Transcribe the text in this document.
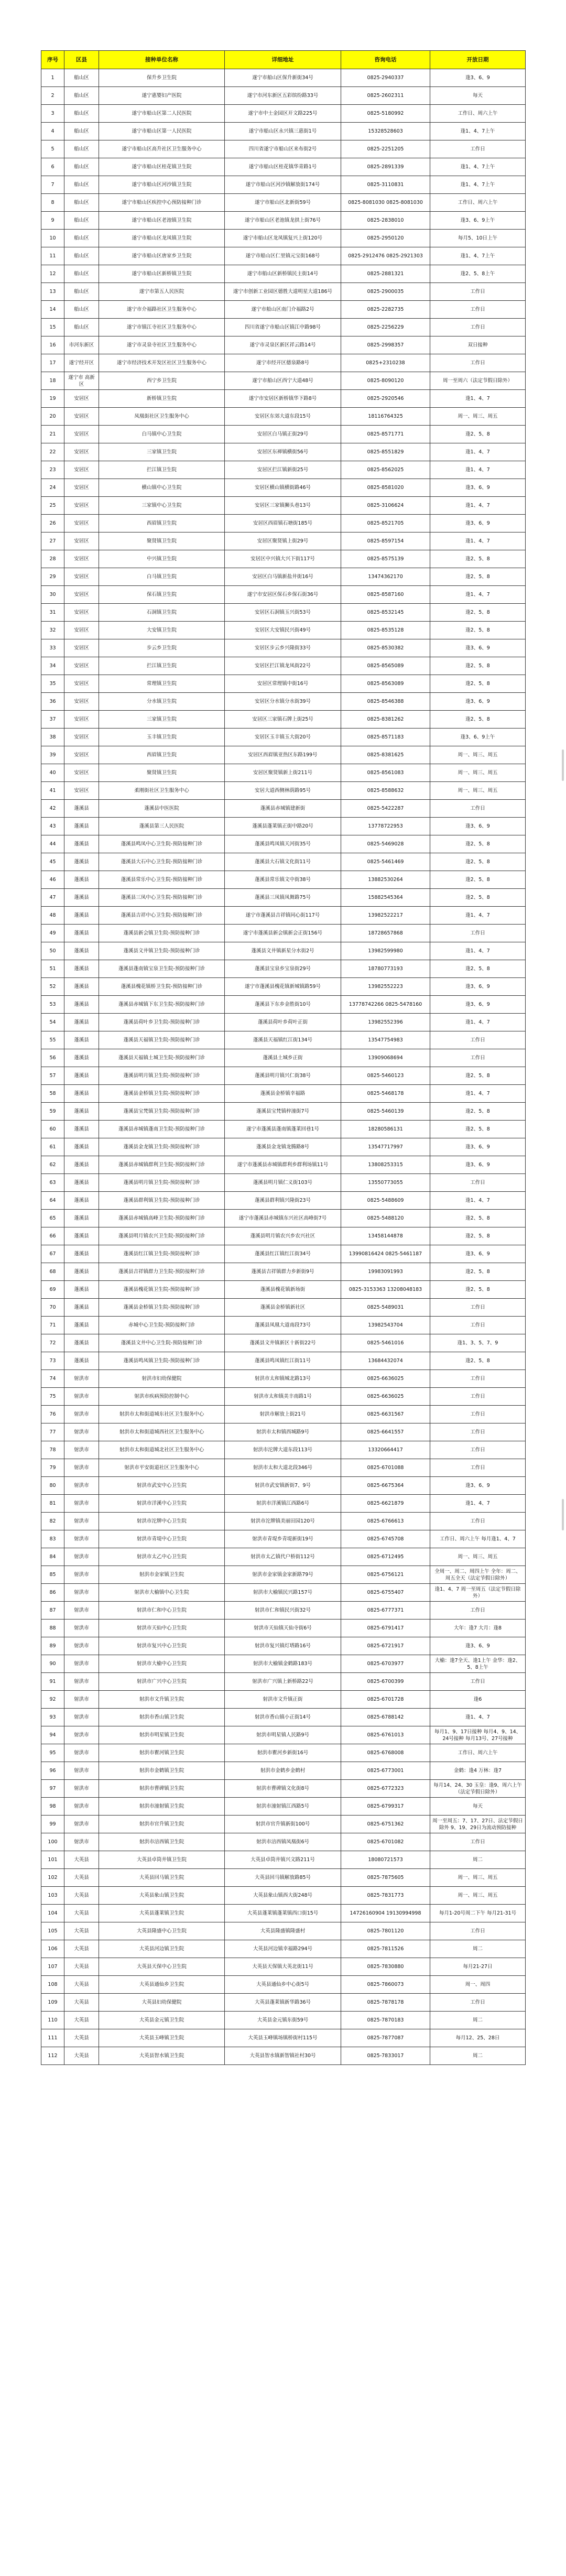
序号	区县	接种单位名称	详细地址	咨询电话	开放日期
1	船山区	保升乡卫生院	遂宁市船山区保升新街34号	0825-2940337	逢3、6、9
2	船山区	遂宁惠婴妇产医院	遂宁市河东新区五彩缤纷路33号	0825-2602311	每天
3	船山区	遂宁市船山区第二人民医院	遂宁市中士金园区开文路225号	0825-5180992	工作日、周六上午
4	船山区	遂宁市船山区第一人民医院	遂宁市船山区永兴镇三惠街1号	15328528603	逢1、4、7上午
5	船山区	遂宁市船山区高升社区卫生服务中心	四川省遂宁市船山区来布街2号	0825-2251205	工作日
6	船山区	遂宁市船山区桂花镇卫生院	遂宁市船山区桂花镇华青路1号	0825-2891339	逢1、4、7上午
7	船山区	遂宁市船山区河沙镇卫生院	遂宁市船山区河沙镇解放街174号	0825-3110831	逢1、4、7上午
8	船山区	遂宁市船山区疾控中心预防接种门诊	遂宁市船山区北新街59号	0825-8081030 0825-8081030	工作日、周六上午
9	船山区	遂宁市船山区老池镇卫生院	遂宁市船山区老池镇龙拱上街76号	0825-2838010	逢3、6、9上午
10	船山区	遂宁市船山区龙凤镇卫生院	遂宁市船山区龙凤镇复兴上街120号	0825-2950120	每月5、10日上午
11	船山区	遂宁市船山区唐家乡卫生院	遂宁市船山区仁里镇元宝街168号	0825-2912476 0825-2921303	逢1、4、7上午
12	船山区	遂宁市船山区新桥镇卫生院	遂宁市船山区新桥镇民主街14号	0825-2881321	逢2、5、8上午
13	船山区	遂宁市第五人民医院	遂宁市创新工业园区德胜大道明星大道186号	0825-2900035	工作日
14	船山区	遂宁市介福路社区卫生服务中心	遂宁市船山区南门介福路2号	0825-2282735	工作日
15	船山区	遂宁市镇江寺社区卫生服务中心	四川省遂宁市船山区镇江中路98号	0825-2256229	工作日
16	市河东新区	遂宁市灵泉寺社区卫生服务中心	遂宁市灵泉区新区祥云路14号	0825-2998357	双日接种
17	遂宁经开区	遂宁市经济技术开发区社区卫生服务中心	遂宁市经开区德泉路8号	0825+2310238	工作日
18	遂宁市 高新区	西宁乡卫生院	遂宁市船山区西宁大道48号	0825-8090120	周一至周六（法定节假日除外）
19	安居区	新桥镇卫生院	遂宁市安居区新桥镇华下路8号	0825-2920546	逢1、4、7
20	安居区	凤凰街社区卫生服务中心	安居区东郊大道东段15号	18116764325	周一、周三、周五
21	安居区	白马镇中心卫生院	安居区白马镇正街29号	0825-8571771	逢2、5、8
22	安居区	三家镇卫生院	安居区东禅镇横街56号	0825-8551829	逢1、4、7
23	安居区	拦江镇卫生院	安居区拦江镇新街25号	0825-8562025	逢1、4、7
24	安居区	横山镇中心卫生院	安居区横山镇横街路46号	0825-8581020	逢3、6、9
25	安居区	三家镇中心卫生院	安居区三家镇狮头巷13号	0825-3106624	逢1、4、7
26	安居区	西眉镇卫生院	安居区西眉镇石塘街185号	0825-8521705	逢3、6、9
27	安居区	聚贤镇卫生院	安居区聚贤镇上街29号	0825-8597154	逢1、4、7
28	安居区	中兴镇卫生院	安居区中兴镇大兴下街117号	0825-8575139	逢2、5、8
29	安居区	白马镇卫生院	安居区白马镇新盐井街16号	13474362170	逢2、5、8
30	安居区	保石镇卫生院	遂宁市安居区保石乡保石街36号	0825-8587160	逢1、4、7
31	安居区	石洞镇卫生院	安居区石洞镇玉兴街53号	0825-8532145	逢2、5、8
32	安居区	大安镇卫生院	安居区大安镇民兴街49号	0825-8535128	逢2、5、8
33	安居区	步云乡卫生院	安居区步云乡兴隆街33号	0825-8530382	逢3、6、9
34	安居区	拦江镇卫生院	安居区拦江镇龙凤街22号	0825-8565089	逢2、5、8
35	安居区	常理镇卫生院	安居区常理镇中街16号	0825-8563089	逢2、5、8
36	安居区	分水镇卫生院	安居区分水镇分水街39号	0825-8546388	逢3、6、9
37	安居区	三家镇卫生院	安居区三家镇石牌上街25号	0825-8381262	逢2、5、8
38	安居区	玉丰镇卫生院	安居区玉丰镇玉大街20号	0825-8571183	逢3、6、9上午
39	安居区	西眉镇卫生院	安居区西眉镇亚热区东路199号	0825-8381625	周一、周三、周五
40	安居区	聚贤镇卫生院	安居区聚贤镇新上街211号	0825-8561083	周一、周三、周五
41	安居区	柔刚街社区卫生服务中心	安居大道西侧林荫路95号	0825-8588632	周一、周三、周五
42	蓬溪县	蓬溪县中医医院	蓬溪县赤城镇建新街	0825-5422287	工作日
43	蓬溪县	蓬溪县第三人民医院	蓬溪县蓬莱镇正街中路20号	13778722953	逢3、6、9
44	蓬溪县	蓬溪县鸣凤中心卫生院-预防接种门诊	蓬溪县鸣凤镇天河街35号	0825-5469028	逢2、5、8
45	蓬溪县	蓬溪县大石中心卫生院-预防接种门诊	蓬溪县大石镇文化街11号	0825-5461469	逢2、5、8
46	蓬溪县	蓬溪县常乐中心卫生院-预防接种门诊	蓬溪县常乐镇文中街38号	13882530264	逢2、5、8
47	蓬溪县	蓬溪县三凤中心卫生院-预防接种门诊	蓬溪县三凤镇凤舞路75号	15882545364	逢2、5、8
48	蓬溪县	蓬溪县吉祥中心卫生院-预防接种门诊	遂宁市蓬溪县吉祥镇同心街117号	13982522217	逢1、4、7
49	蓬溪县	蓬溪县新会镇卫生院-预防接种门诊	遂宁市蓬溪县新会镇新会正街156号	18728657868	工作日
50	蓬溪县	蓬溪县文井镇卫生院-预防接种门诊	蓬溪县文井镇新星分水街2号	13982599980	逢1、4、7
51	蓬溪县	蓬溪县蓬南镇宝泉卫生院-预防接种门诊	蓬溪县宝泉乡宝泉街29号	18780773193	逢2、5、8
52	蓬溪县	蓬溪县槐花镇桥卫生院-预防接种门诊	遂宁市蓬溪县槐花镇新城镇路59号	13982552223	逢3、6、9
53	蓬溪县	蓬溪县赤城镇下东卫生院-预防接种门诊	蓬溪县下东乡金胜街10号	13778742266 0825-5478160	逢3、6、9
54	蓬溪县	蓬溪县荷叶乡卫生院-预防接种门诊	蓬溪县荷叶乡荷叶正街	13982552396	逢1、4、7
55	蓬溪县	蓬溪县天福镇卫生院-预防接种门诊	蓬溪县天福镇红江街134号	13547754983	工作日
56	蓬溪县	蓬溪县天福镇土城卫生院-预防接种门诊	蓬溪县土城乡正街	13909068694	工作日
57	蓬溪县	蓬溪县明月镇卫生院-预防接种门诊	蓬溪县明月镇兴仁街38号	0825-5460123	逢2、5、8
58	蓬溪县	蓬溪县金桥镇卫生院-预防接种门诊	蓬溪县金桥镇幸福路	0825-5468178	逢1、4、7
59	蓬溪县	蓬溪县宝梵镇卫生院-预防接种门诊	蓬溪县宝梵镇梓潼街7号	0825-5460139	逢2、5、8
60	蓬溪县	蓬溪县赤城镇蓬南卫生院-预防接种门诊	遂宁市蓬溪县蓬南镇蓬莱回巷1号	18280586131	逢2、5、8
61	蓬溪县	蓬溪县金龙镇卫生院-预防接种门诊	蓬溪县金龙镇龙腾路8号	13547717997	逢3、6、9
62	蓬溪县	蓬溪县赤城镇群利卫生院-预防接种门诊	遂宁市蓬溪县赤城镇群利乡群利场镇11号	13808253315	逢3、6、9
63	蓬溪县	蓬溪县明月镇卫生院-预防接种门诊	蓬溪县明月镇仁义街103号	13550773055	工作日
64	蓬溪县	蓬溪县群利镇卫生院-预防接种门诊	蓬溪县群利镇兴隆街23号	0825-5488609	逢1、4、7
65	蓬溪县	蓬溪县赤城镇高峰卫生院-预防接种门诊	遂宁市蓬溪县赤城镇东兴社区高峰街7号	0825-5488120	逢2、5、8
66	蓬溪县	蓬溪县明月镇农兴卫生院-预防接种门诊	蓬溪县明月镇农兴乡农兴社区	13458144878	逢2、5、8
67	蓬溪县	蓬溪县红江镇卫生院-预防接种门诊	蓬溪县红江镇红江街34号	13990816424 0825-5461187	逢3、6、9
68	蓬溪县	蓬溪县吉祥镇群力卫生院-预防接种门诊	蓬溪县吉祥镇群力乡新街9号	19983091993	逢2、5、8
69	蓬溪县	蓬溪县槐花镇卫生院-预防接种门诊	蓬溪县槐花镇新场街	0825-3153363 13208048183	逢2、5、8
70	蓬溪县	蓬溪县金桥镇卫生院-预防接种门诊	蓬溪县金桥镇新社区	0825-5489031	工作日
71	蓬溪县	赤城中心卫生院-预防接种门诊	蓬溪县凤凰大道南段73号	13982543704	工作日
72	蓬溪县	蓬溪县文井中心卫生院-预防接种门诊	蓬溪县文井镇新区十新街22号	0825-5461016	逢1、3、5、7、9
73	蓬溪县	蓬溪县鸣凤镇卫生院-预防接种门诊	蓬溪县鸣凤镇红江街11号	13684432074	逢2、5、8
74	射洪市	射洪市妇幼保健院	射洪市太和镇城北路13号	0825-6636025	工作日
75	射洪市	射洪市疾病预防控制中心	射洪市太和镇美丰南路1号	0825-6636025	工作日
76	射洪市	射洪市太和街道城东社区卫生服务中心	射洪市解放上街21号	0825-6631567	工作日
77	射洪市	射洪市太和街道城西社区卫生服务中心	射洪市太和镇西城路9号	0825-6641557	工作日
78	射洪市	射洪市太和街道城北社区卫生服务中心	射洪市沱牌大道东段113号	13320664417	工作日
79	射洪市	射洪市平安街道社区卫生服务中心	射洪市太和大道北段346号	0825-6701088	工作日
80	射洪市	射洪市武安中心卫生院	射洪市武安镇新街7、9号	0825-6675364	逢3、6、9
81	射洪市	射洪市洋溪中心卫生院	射洪市洋溪镇江西路6号	0825-6621879	逢1、4、7
82	射洪市	射洪市沱牌中心卫生院	射洪市沱牌镇美丽田园120号	0825-6766613	工作日
83	射洪市	射洪市青堤中心卫生院	射洪市青堤乡青堤新街19号	0825-6745708	工作日、周六上午 每月逢1、4、7
84	射洪市	射洪市太乙中心卫生院	射洪市太乙镇代户桥街112号	0825-6712495	周一、周三、周五
85	射洪市	射洪市金家镇卫生院	射洪市金家镇金家新路79号	0825-6756121	全周一、周二、周四上午 全年：周二、周五全天（法定节假日除外）
86	射洪市	射洪市大榆镇中心卫生院	射洪市大榆镇民兴路157号	0825-6755407	逢1、4、7 周一至周五（法定节假日除外）
87	射洪市	射洪市仁和中心卫生院	射洪市仁和镇民兴街32号	0825-6777371	工作日
88	射洪市	射洪市天仙中心卫生院	射洪市天仙镇天仙寺街6号	0825-6791417	大年：逢7 大月：逢8
89	射洪市	射洪市复兴中心卫生院	射洪市复兴镇灯塔路16号	0825-6721917	逢3、6、9
90	射洪市	射洪市大榆中心卫生院	射洪市大榆镇金鹤路183号	0825-6703977	大榆：逢7全天、逢1上午 金华：逢2、5、8上午
91	射洪市	射洪市广兴中心卫生院	射洪市广兴镇上新桥路22号	0825-6700399	工作日
92	射洪市	射洪市文升镇卫生院	射洪市文升镇正街	0825-6701728	逢6
93	射洪市	射洪市香山镇卫生院	射洪市香山镇小正街14号	0825-6788142	逢1、4、7
94	射洪市	射洪市明星镇卫生院	射洪市明星镇人民路9号	0825-6761013	每月1、9、17日接种 每月4、9、14、24号接种 每月13号、27号接种
95	射洪市	射洪市瞿河镇卫生院	射洪市瞿河乡新街16号	0825-6768008	工作日、周六上午
96	射洪市	射洪市金鹤镇卫生院	射洪市金鹤乡金鹤村	0825-6773001	金鹤：逢4 万林：逢7
97	射洪市	射洪市曹碑镇卫生院	射洪市曹碑镇文化街8号	0825-6772323	每月14、24、30 玉皇：逢9、周六上午（法定节假日除外）
98	射洪市	射洪市潼射镇卫生院	射洪市潼射镇江西路5号	0825-6799317	每天
99	射洪市	射洪市官升镇卫生院	射洪市官升镇新街100号	0825-6751362	周一至周五：7、17、27日、法定节假日除外 9、19、29日为流动预防接种
100	射洪市	射洪市涪西镇卫生院	射洪市涪西镇凤凰街6号	0825-6701082	工作日
101	大英县	大英县卓筒井镇卫生院	大英县卓筒井镇兴文路211号	18080721573	周二
102	大英县	大英县回马镇卫生院	大英县回马镇解放路85号	0825-7875605	周一、周三、周五
103	大英县	大英县象山镇卫生院	大英县象山镇西大街248号	0825-7831773	周一、周三、周五
104	大英县	大英县蓬莱镇卫生院	大英县蓬莱镇蓬莱镇西口街15号	14726160904 19130994998	每月1-20号周二下午 每月21-31号
105	大英县	大英县隆盛中心卫生院	大英县隆盛镇隆盛村	0825-7801120	工作日
106	大英县	大英县河边镇卫生院	大英县河边镇幸福路294号	0825-7811526	周二
107	大英县	大英县天保中心卫生院	大英县天保镇大英北街11号	0825-7830880	每月21-27日
108	大英县	大英县通仙乡卫生院	大英县通仙乡中心街5号	0825-7860073	周一、周四
109	大英县	大英县妇幼保健院	大英县蓬莱镇新华路36号	0825-7878178	工作日
110	大英县	大英县金元镇卫生院	大英县金元镇东街59号	0825-7870183	周二
111	大英县	大英县玉峰镇卫生院	大英县玉峰镇场镇桥街村115号	0825-7877087	每月12、25、28日
112	大英县	大英县智水镇卫生院	大英县智水镇新智镇社村30号	0825-7833017	周二
